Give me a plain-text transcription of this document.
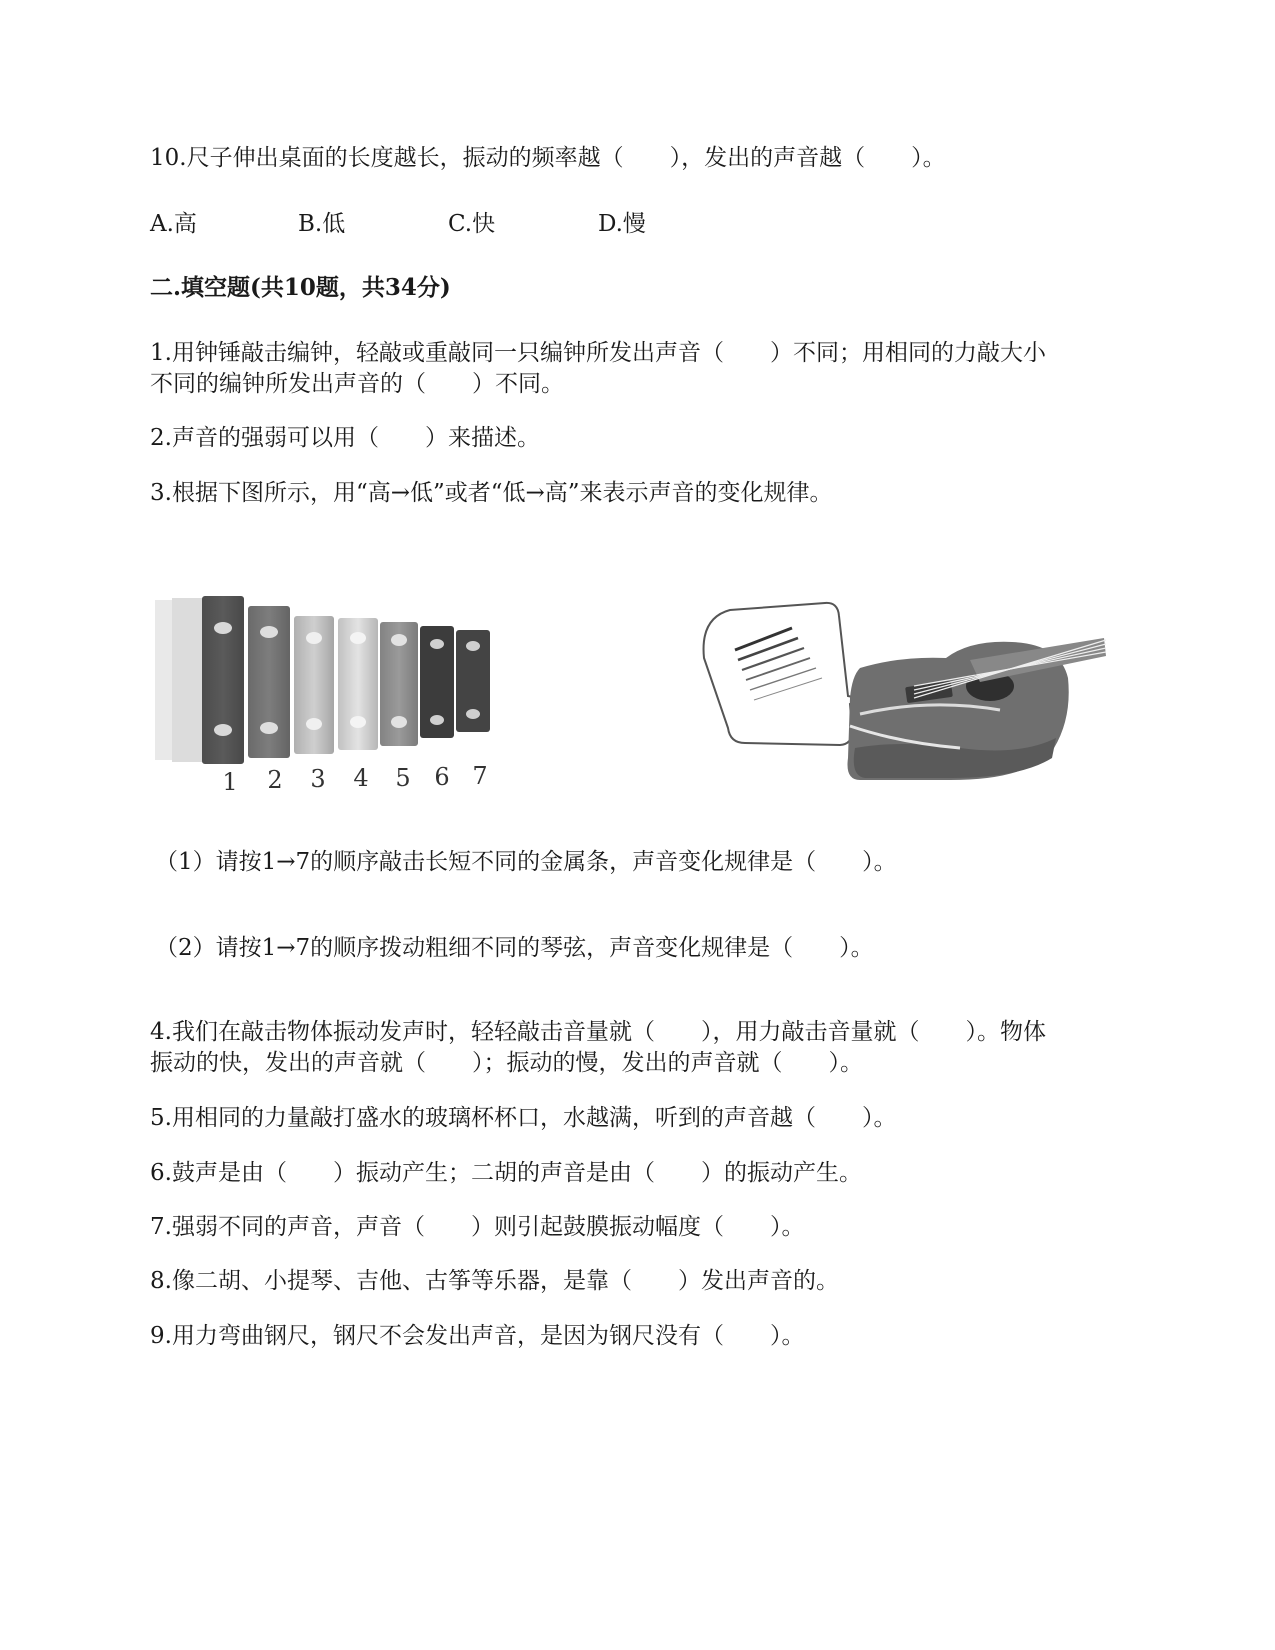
10.尺子伸出桌面的长度越长，振动的频率越（　　），发出的声音越（　　）。
A.高	B.低	C.快	D.慢
二.填空题(共10题，共34分)
1.用钟锤敲击编钟，轻敲或重敲同一只编钟所发出声音（　　）不同；用相同的力敲大小
不同的编钟所发出声音的（　　）不同。
2.声音的强弱可以用（　　）来描述。
3.根据下图所示，用“高→低”或者“低→高”来表示声音的变化规律。
1 2 3 4 5 6 7
（1）请按1→7的顺序敲击长短不同的金属条，声音变化规律是（　　）。
（2）请按1→7的顺序拨动粗细不同的琴弦，声音变化规律是（　　）。
4.我们在敲击物体振动发声时，轻轻敲击音量就（　　），用力敲击音量就（　　）。物体
振动的快，发出的声音就（　　）；振动的慢，发出的声音就（　　）。
5.用相同的力量敲打盛水的玻璃杯杯口，水越满，听到的声音越（　　）。
6.鼓声是由（　　）振动产生；二胡的声音是由（　　）的振动产生。
7.强弱不同的声音，声音（　　）则引起鼓膜振动幅度（　　）。
8.像二胡、小提琴、吉他、古筝等乐器，是靠（　　）发出声音的。
9.用力弯曲钢尺，钢尺不会发出声音，是因为钢尺没有（　　）。
